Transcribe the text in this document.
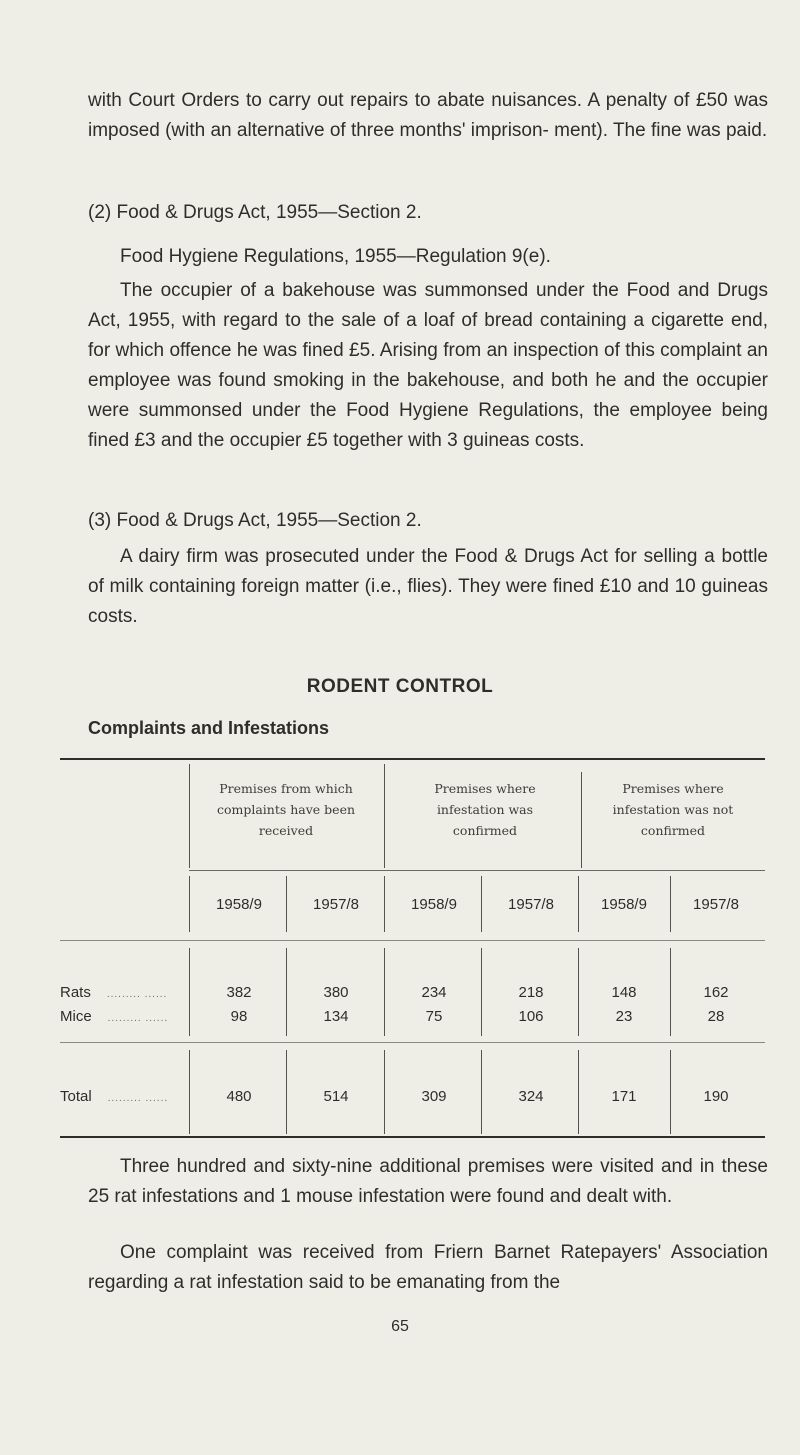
with Court Orders to carry out repairs to abate nuisances. A penalty of £50 was imposed (with an alternative of three months' imprison- ment). The fine was paid.

(2) Food & Drugs Act, 1955—Section 2.

Food Hygiene Regulations, 1955—Regulation 9(e).

The occupier of a bakehouse was summonsed under the Food and Drugs Act, 1955, with regard to the sale of a loaf of bread containing a cigarette end, for which offence he was fined £5. Arising from an inspection of this complaint an employee was found smoking in the bakehouse, and both he and the occupier were summonsed under the Food Hygiene Regulations, the employee being fined £3 and the occupier £5 together with 3 guineas costs.

(3) Food & Drugs Act, 1955—Section 2.

A dairy firm was prosecuted under the Food & Drugs Act for selling a bottle of milk containing foreign matter (i.e., flies). They were fined £10 and 10 guineas costs.

RODENT CONTROL
Complaints and Infestations
Premises from which complaints have been received
Premises where infestation was confirmed
Premises where infestation was not confirmed
1958/9	1957/8	1958/9	1957/8	1958/9	1957/8
Rats ......... ......	382	380	234	218	148	162
Mice ......... ......	98	134	75	106	23	28
Total ......... ......	480	514	309	324	171	190

Three hundred and sixty-nine additional premises were visited and in these 25 rat infestations and 1 mouse infestation were found and dealt with.

One complaint was received from Friern Barnet Ratepayers' Association regarding a rat infestation said to be emanating from the

65
